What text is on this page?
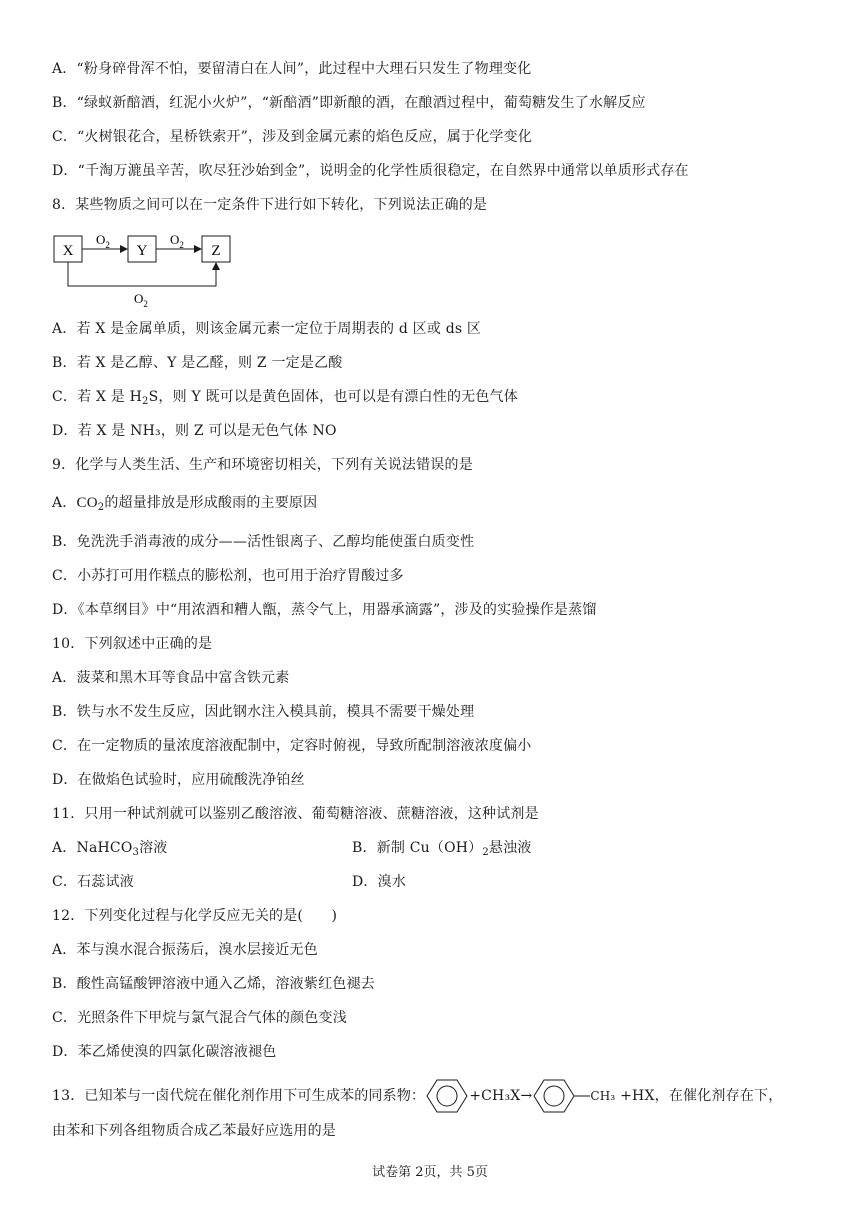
A．“粉身碎骨浑不怕，要留清白在人间”，此过程中大理石只发生了物理变化
B．“绿蚁新醅酒，红泥小火炉”，“新醅酒”即新酿的酒，在酿酒过程中，葡萄糖发生了水解反应
C．“火树银花合，星桥铁索开”，涉及到金属元素的焰色反应，属于化学变化
D．“千淘万漉虽辛苦，吹尽狂沙始到金”，说明金的化学性质很稳定，在自然界中通常以单质形式存在
8．某些物质之间可以在一定条件下进行如下转化，下列说法正确的是
X	Y	Z
$O_2$	$O_2$
$O_2$
A．若 X 是金属单质，则该金属元素一定位于周期表的 d 区或 ds 区
B．若 X 是乙醇、Y 是乙醛，则 Z 一定是乙酸
C．若 X 是 $H_2S$，则 Y 既可以是黄色固体，也可以是有漂白性的无色气体
D．若 X 是 NH₃，则 Z 可以是无色气体 NO
9．化学与人类生活、生产和环境密切相关，下列有关说法错误的是
A．$CO_2$的超量排放是形成酸雨的主要原因
B．免洗洗手消毒液的成分——活性银离子、乙醇均能使蛋白质变性
C．小苏打可用作糕点的膨松剂，也可用于治疗胃酸过多
D．《本草纲目》中“用浓酒和糟人甑，蒸令气上，用器承滴露”，涉及的实验操作是蒸馏
10．下列叙述中正确的是
A．菠菜和黑木耳等食品中富含铁元素
B．铁与水不发生反应，因此钢水注入模具前，模具不需要干燥处理
C．在一定物质的量浓度溶液配制中，定容时俯视，导致所配制溶液浓度偏小
D．在做焰色试验时，应用硫酸洗净铂丝
11．只用一种试剂就可以鉴别乙酸溶液、葡萄糖溶液、蔗糖溶液，这种试剂是
A．NaHCO$_3$溶液	B．新制 $Cu(OH)_2$悬浊液
C．石蕊试液	D．溴水
12．下列变化过程与化学反应无关的是(　　)
A．苯与溴水混合振荡后，溴水层接近无色
B．酸性高锰酸钾溶液中通入乙烯，溶液紫红色褪去
C．光照条件下甲烷与氯气混合气体的颜色变浅
D．苯乙烯使溴的四氯化碳溶液褪色
13．已知苯与一卤代烷在催化剂作用下可生成苯的同系物：	+CH₃X→	CH₃ +HX，在催化剂存在下，
由苯和下列各组物质合成乙苯最好应选用的是
试卷第 2页，共 5页
